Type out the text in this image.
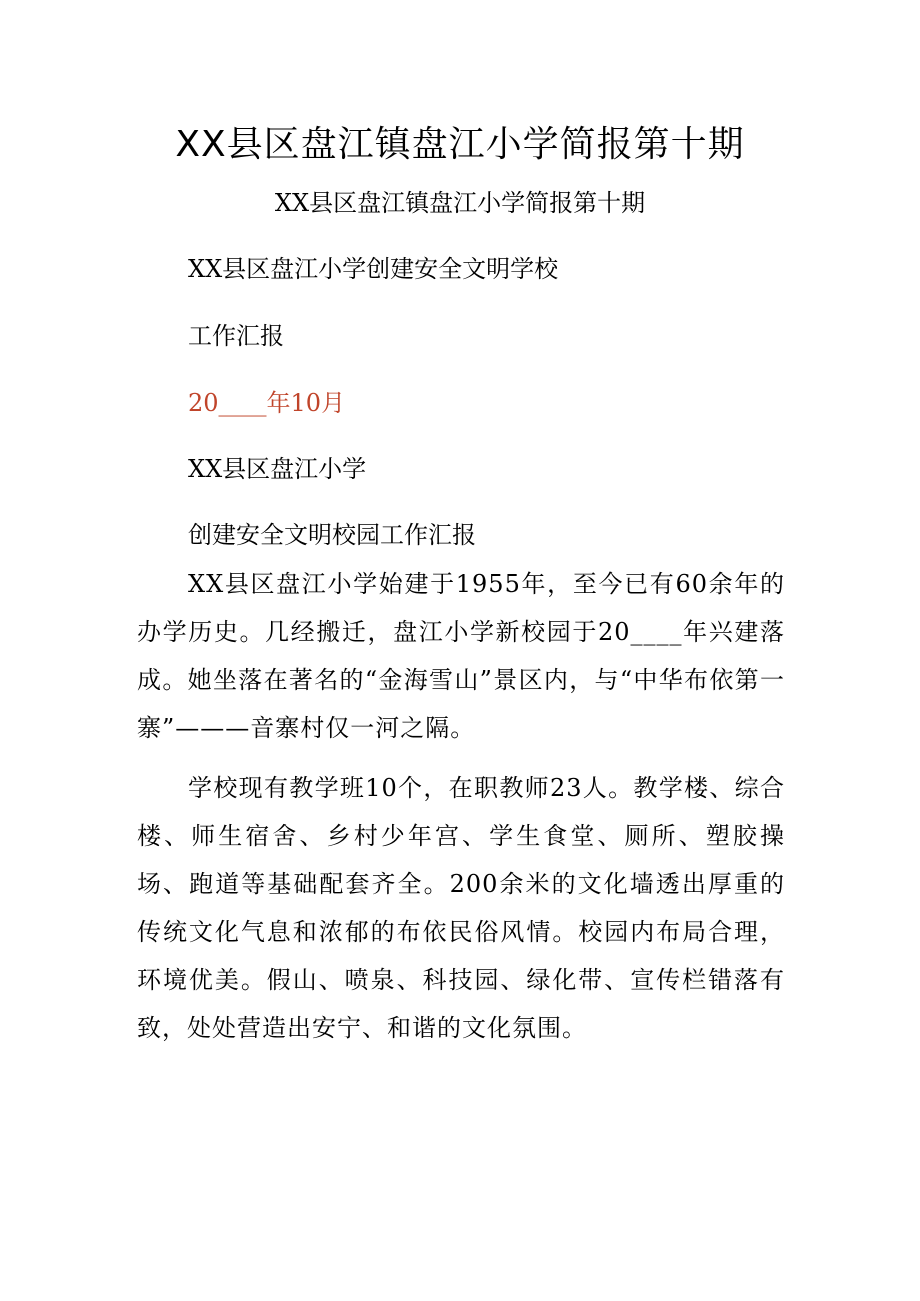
XX县区盘江镇盘江小学简报第十期
XX县区盘江镇盘江小学简报第十期
XX县区盘江小学创建安全文明学校
工作汇报
20____年10月
XX县区盘江小学
创建安全文明校园工作汇报

XX县区盘江小学始建于1955年，至今已有60余年的办学历史。几经搬迁，盘江小学新校园于20____年兴建落成。她坐落在著名的“金海雪山”景区内，与“中华布依第一寨”———音寨村仅一河之隔。

学校现有教学班10个，在职教师23人。教学楼、综合楼、师生宿舍、乡村少年宫、学生食堂、厕所、塑胶操场、跑道等基础配套齐全。200余米的文化墙透出厚重的传统文化气息和浓郁的布依民俗风情。校园内布局合理，环境优美。假山、喷泉、科技园、绿化带、宣传栏错落有致，处处营造出安宁、和谐的文化氛围。
